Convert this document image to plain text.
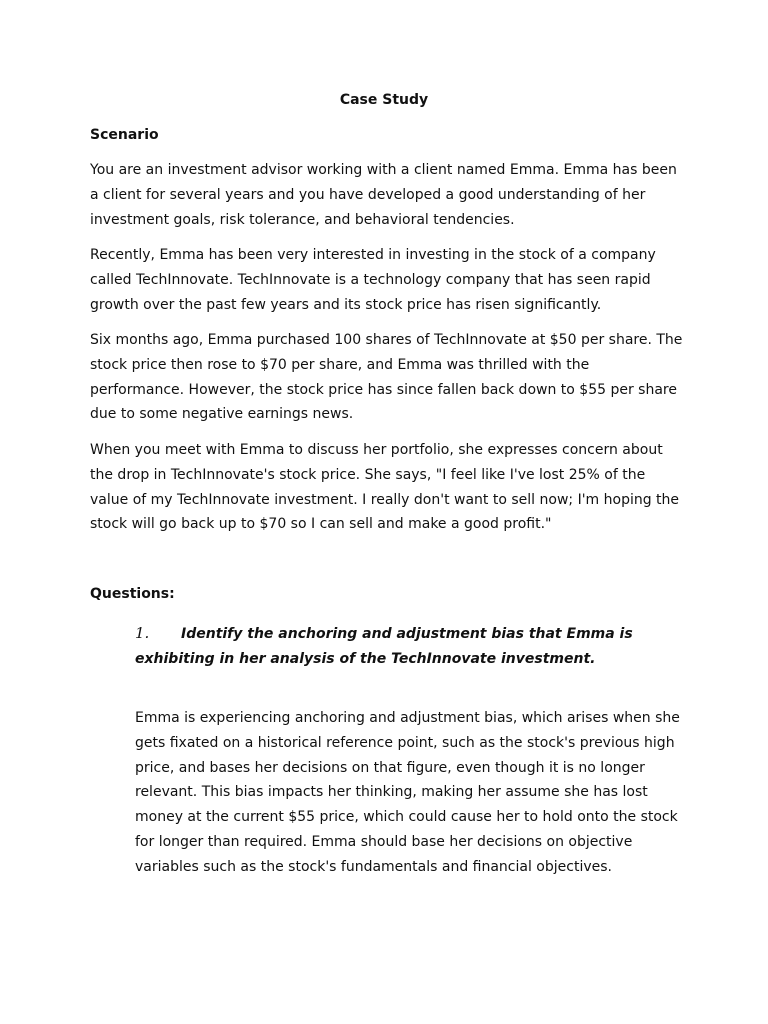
Case Study
Scenario

You are an investment advisor working with a client named Emma. Emma has been a client for several years and you have developed a good understanding of her investment goals, risk tolerance, and behavioral tendencies.

Recently, Emma has been very interested in investing in the stock of a company called TechInnovate. TechInnovate is a technology company that has seen rapid growth over the past few years and its stock price has risen significantly.

Six months ago, Emma purchased 100 shares of TechInnovate at $50 per share. The stock price then rose to $70 per share, and Emma was thrilled with the performance. However, the stock price has since fallen back down to $55 per share due to some negative earnings news.

When you meet with Emma to discuss her portfolio, she expresses concern about the drop in TechInnovate's stock price. She says, "I feel like I've lost 25% of the value of my TechInnovate investment. I really don't want to sell now; I'm hoping the stock will go back up to $70 so I can sell and make a good profit."

Questions:

1. Identify the anchoring and adjustment bias that Emma is exhibiting in her analysis of the TechInnovate investment.

Emma is experiencing anchoring and adjustment bias, which arises when she gets fixated on a historical reference point, such as the stock's previous high price, and bases her decisions on that figure, even though it is no longer relevant. This bias impacts her thinking, making her assume she has lost money at the current $55 price, which could cause her to hold onto the stock for longer than required. Emma should base her decisions on objective variables such as the stock's fundamentals and financial objectives.
